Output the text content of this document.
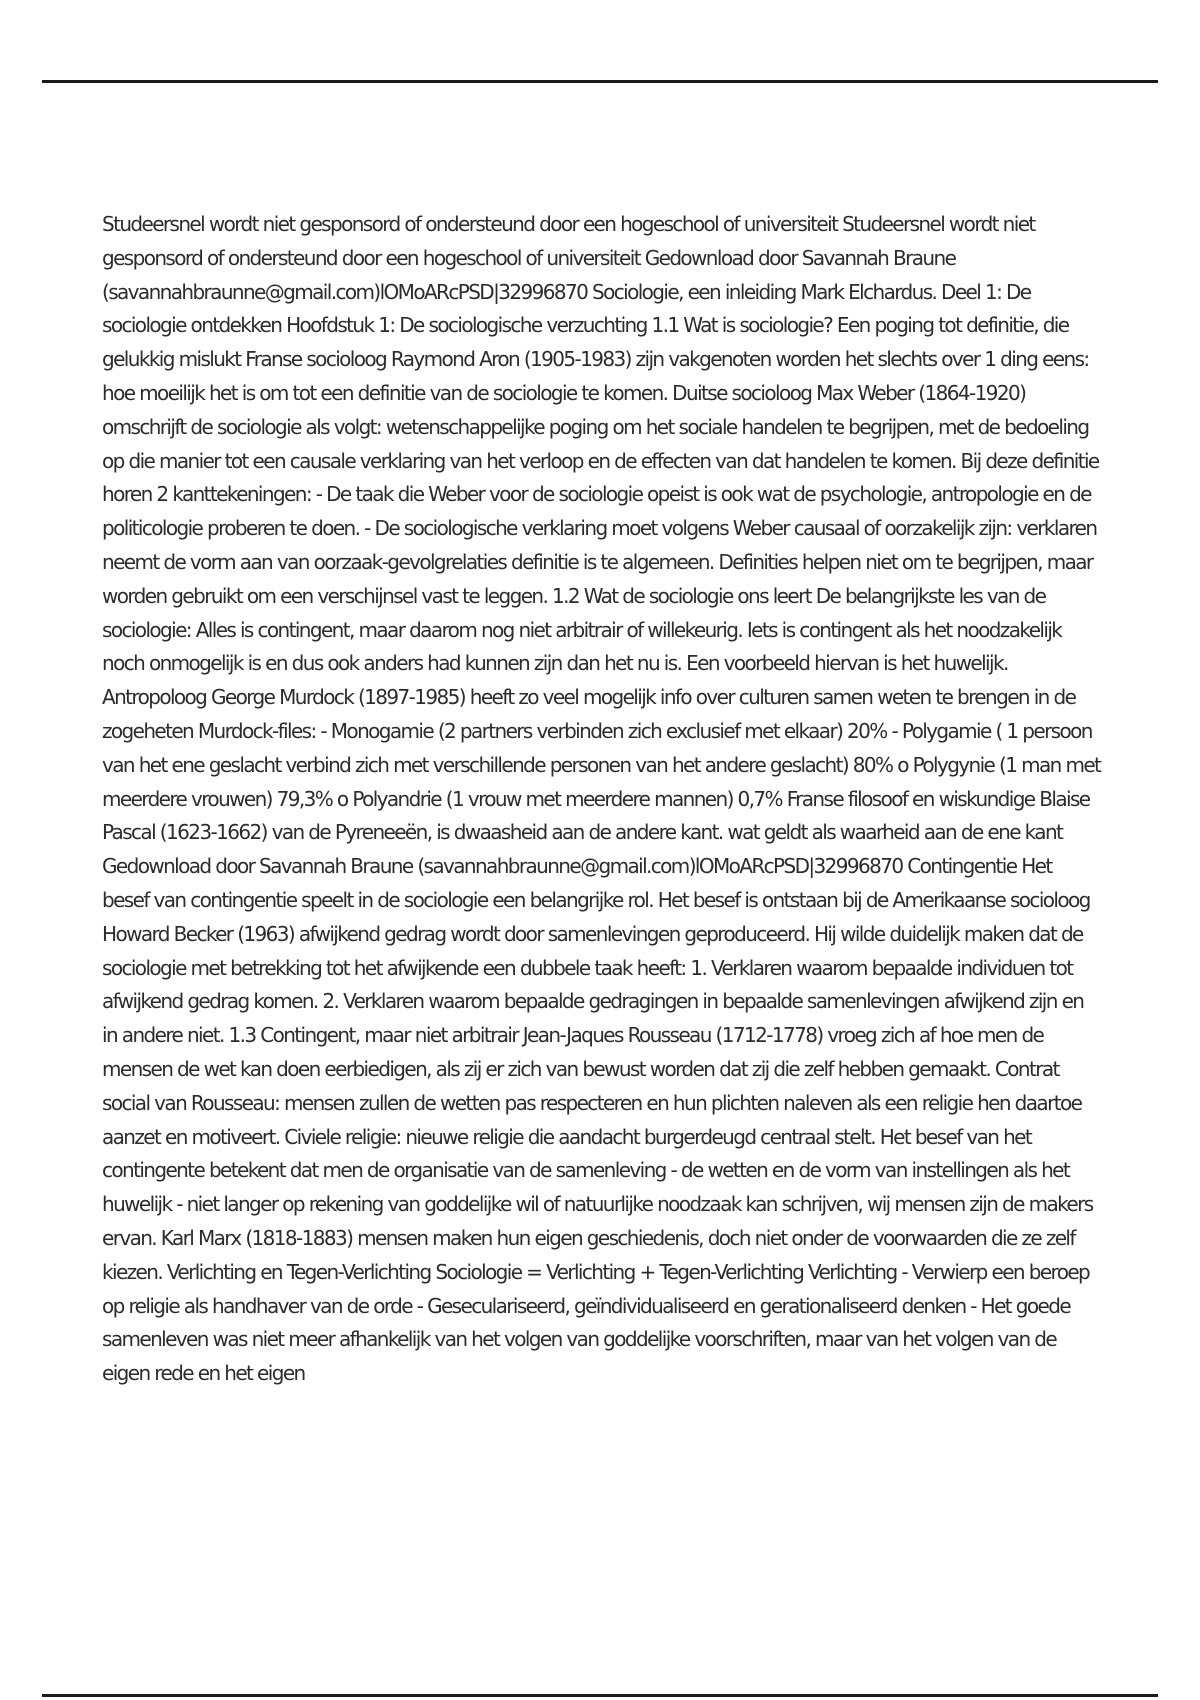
Studeersnel wordt niet gesponsord of ondersteund door een hogeschool of universiteit Studeersnel wordt niet gesponsord of ondersteund door een hogeschool of universiteit Gedownload door Savannah Braune (savannahbraunne@gmail.com)lOMoARcPSD|32996870 Sociologie, een inleiding Mark Elchardus. Deel 1: De sociologie ontdekken Hoofdstuk 1: De sociologische verzuchting 1.1 Wat is sociologie? Een poging tot definitie, die gelukkig mislukt Franse socioloog Raymond Aron (1905-1983) zijn vakgenoten worden het slechts over 1 ding eens: hoe moeilijk het is om tot een definitie van de sociologie te komen. Duitse socioloog Max Weber (1864-1920) omschrijft de sociologie als volgt: wetenschappelijke poging om het sociale handelen te begrijpen, met de bedoeling op die manier tot een causale verklaring van het verloop en de effecten van dat handelen te komen. Bij deze definitie horen 2 kanttekeningen: - De taak die Weber voor de sociologie opeist is ook wat de psychologie, antropologie en de politicologie proberen te doen. - De sociologische verklaring moet volgens Weber causaal of oorzakelijk zijn: verklaren neemt de vorm aan van oorzaak-gevolgrelaties definitie is te algemeen. Definities helpen niet om te begrijpen, maar worden gebruikt om een verschijnsel vast te leggen. 1.2 Wat de sociologie ons leert De belangrijkste les van de sociologie: Alles is contingent, maar daarom nog niet arbitrair of willekeurig. Iets is contingent als het noodzakelijk noch onmogelijk is en dus ook anders had kunnen zijn dan het nu is. Een voorbeeld hiervan is het huwelijk. Antropoloog George Murdock (1897-1985) heeft zo veel mogelijk info over culturen samen weten te brengen in de zogeheten Murdock-files: - Monogamie (2 partners verbinden zich exclusief met elkaar) 20% - Polygamie ( 1 persoon van het ene geslacht verbind zich met verschillende personen van het andere geslacht) 80% o Polygynie (1 man met meerdere vrouwen) 79,3% o Polyandrie (1 vrouw met meerdere mannen) 0,7% Franse filosoof en wiskundige Blaise Pascal (1623-1662) van de Pyreneeën, is dwaasheid aan de andere kant. wat geldt als waarheid aan de ene kant Gedownload door Savannah Braune (savannahbraunne@gmail.com)lOMoARcPSD|32996870 Contingentie Het besef van contingentie speelt in de sociologie een belangrijke rol. Het besef is ontstaan bij de Amerikaanse socioloog Howard Becker (1963) afwijkend gedrag wordt door samenlevingen geproduceerd. Hij wilde duidelijk maken dat de sociologie met betrekking tot het afwijkende een dubbele taak heeft: 1. Verklaren waarom bepaalde individuen tot afwijkend gedrag komen. 2. Verklaren waarom bepaalde gedragingen in bepaalde samenlevingen afwijkend zijn en in andere niet. 1.3 Contingent, maar niet arbitrair Jean-Jaques Rousseau (1712-1778) vroeg zich af hoe men de mensen de wet kan doen eerbiedigen, als zij er zich van bewust worden dat zij die zelf hebben gemaakt. Contrat social van Rousseau: mensen zullen de wetten pas respecteren en hun plichten naleven als een religie hen daartoe aanzet en motiveert. Civiele religie: nieuwe religie die aandacht burgerdeugd centraal stelt. Het besef van het contingente betekent dat men de organisatie van de samenleving - de wetten en de vorm van instellingen als het huwelijk - niet langer op rekening van goddelijke wil of natuurlijke noodzaak kan schrijven, wij mensen zijn de makers ervan. Karl Marx (1818-1883) mensen maken hun eigen geschiedenis, doch niet onder de voorwaarden die ze zelf kiezen. Verlichting en Tegen-Verlichting Sociologie = Verlichting + Tegen-Verlichting Verlichting - Verwierp een beroep op religie als handhaver van de orde - Geseculariseerd, geïndividualiseerd en gerationaliseerd denken - Het goede samenleven was niet meer afhankelijk van het volgen van goddelijke voorschriften, maar van het volgen van de eigen rede en het eigen
